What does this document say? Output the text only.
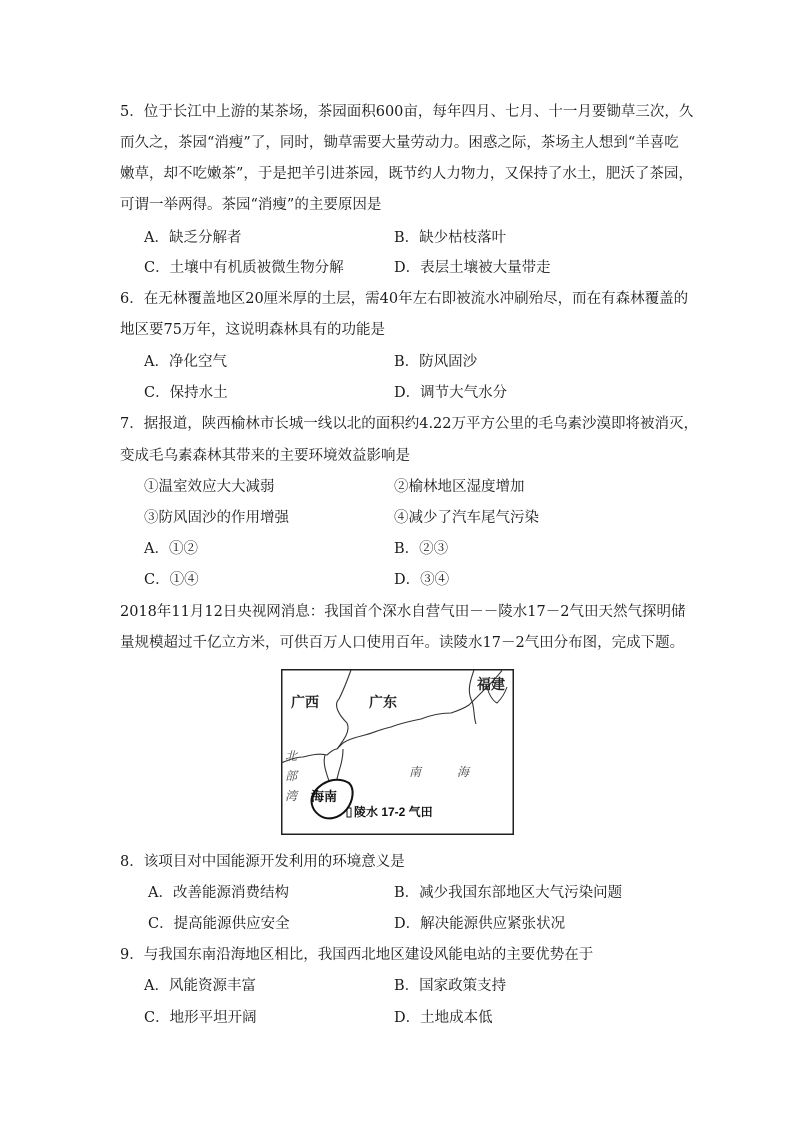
5．位于长江中上游的某茶场，茶园面积600亩，每年四月、七月、十一月要锄草三次，久
而久之，茶园“消瘦”了，同时，锄草需要大量劳动力。困惑之际，茶场主人想到“羊喜吃
嫩草，却不吃嫩茶”，于是把羊引进茶园，既节约人力物力，又保持了水土，肥沃了茶园，
可谓一举两得。茶园“消瘦”的主要原因是
A．缺乏分解者	B．缺少枯枝落叶
C．土壤中有机质被微生物分解	D．表层土壤被大量带走
6．在无林覆盖地区20厘米厚的土层，需40年左右即被流水冲刷殆尽，而在有森林覆盖的
地区要75万年，这说明森林具有的功能是
A．净化空气	B．防风固沙
C．保持水土	D．调节大气水分
7．据报道，陕西榆林市长城一线以北的面积约4.22万平方公里的毛乌素沙漠即将被消灭，
变成毛乌素森林其带来的主要环境效益影响是
①温室效应大大减弱	②榆林地区湿度增加
③防风固沙的作用增强	④减少了汽车尾气污染
A．①②	B．②③
C．①④	D．③④
2018年11月12日央视网消息：我国首个深水自营气田－－陵水17－2气田天然气探明储
量规模超过千亿立方米，可供百万人口使用百年。读陵水17－2气田分布图，完成下题。
广西	广东
福建
海南
北
部
湾
南	海
陵水 17-2 气田
8．该项目对中国能源开发利用的环境意义是
A．改善能源消费结构	B．减少我国东部地区大气污染问题
C．提高能源供应安全	D．解决能源供应紧张状况
9．与我国东南沿海地区相比，我国西北地区建设风能电站的主要优势在于
A．风能资源丰富	B．国家政策支持
C．地形平坦开阔	D．土地成本低
